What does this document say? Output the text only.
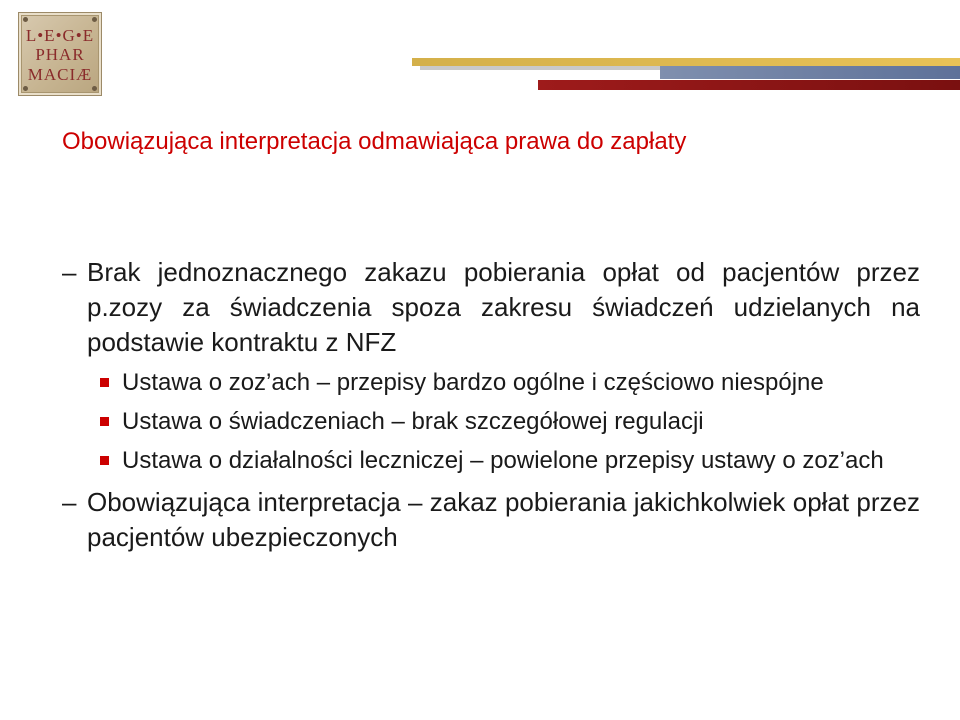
L•E•G•E
PHAR
MACIÆ
Obowiązująca interpretacja odmawiająca prawa do zapłaty
– Brak jednoznacznego zakazu pobierania opłat od pacjentów przez p.zozy za świadczenia spoza zakresu świadczeń udzielanych na podstawie kontraktu z NFZ
Ustawa o zoz’ach – przepisy bardzo ogólne i częściowo niespójne
Ustawa o świadczeniach – brak szczegółowej regulacji
Ustawa o działalności leczniczej – powielone przepisy ustawy o zoz’ach
– Obowiązująca interpretacja – zakaz pobierania jakichkolwiek opłat przez pacjentów ubezpieczonych
